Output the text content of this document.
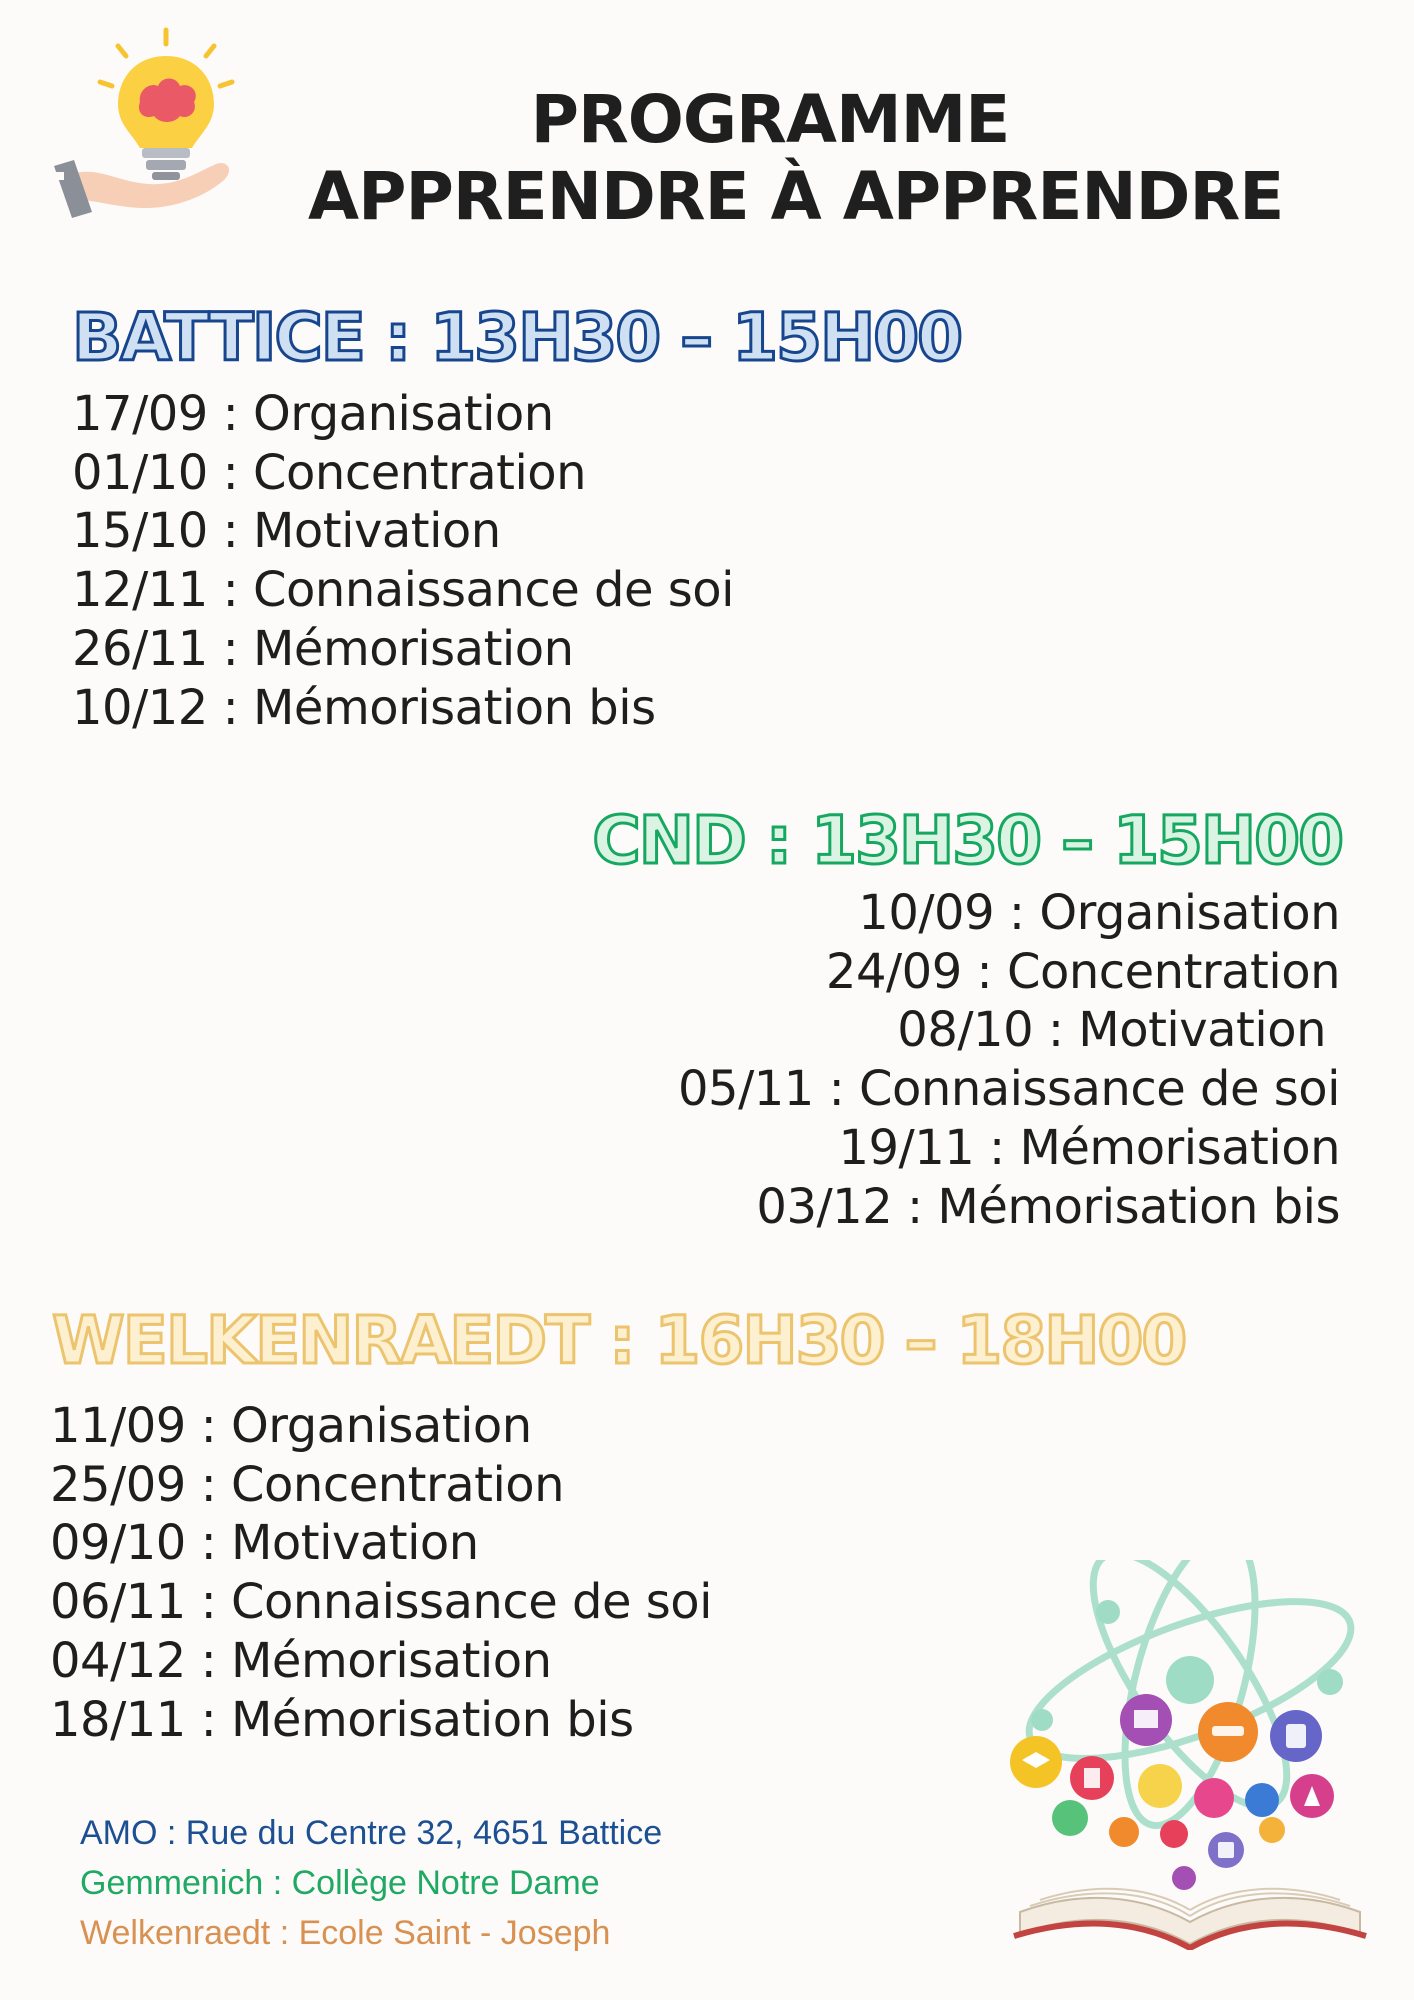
PROGRAMME
APPRENDRE À APPRENDRE
BATTICE : 13H30 – 15H00
17/09 : Organisation
01/10 : Concentration
15/10 : Motivation
12/11 : Connaissance de soi
26/11 : Mémorisation
10/12 : Mémorisation bis
CND : 13H30 – 15H00
10/09 : Organisation
24/09 : Concentration
08/10 : Motivation
05/11 : Connaissance de soi
19/11 : Mémorisation
03/12 : Mémorisation bis
WELKENRAEDT : 16H30 – 18H00
11/09 : Organisation
25/09 : Concentration
09/10 : Motivation
06/11 : Connaissance de soi
04/12 : Mémorisation
18/11 : Mémorisation bis
AMO : Rue du Centre 32, 4651 Battice
Gemmenich : Collège Notre Dame
Welkenraedt : Ecole Saint - Joseph
